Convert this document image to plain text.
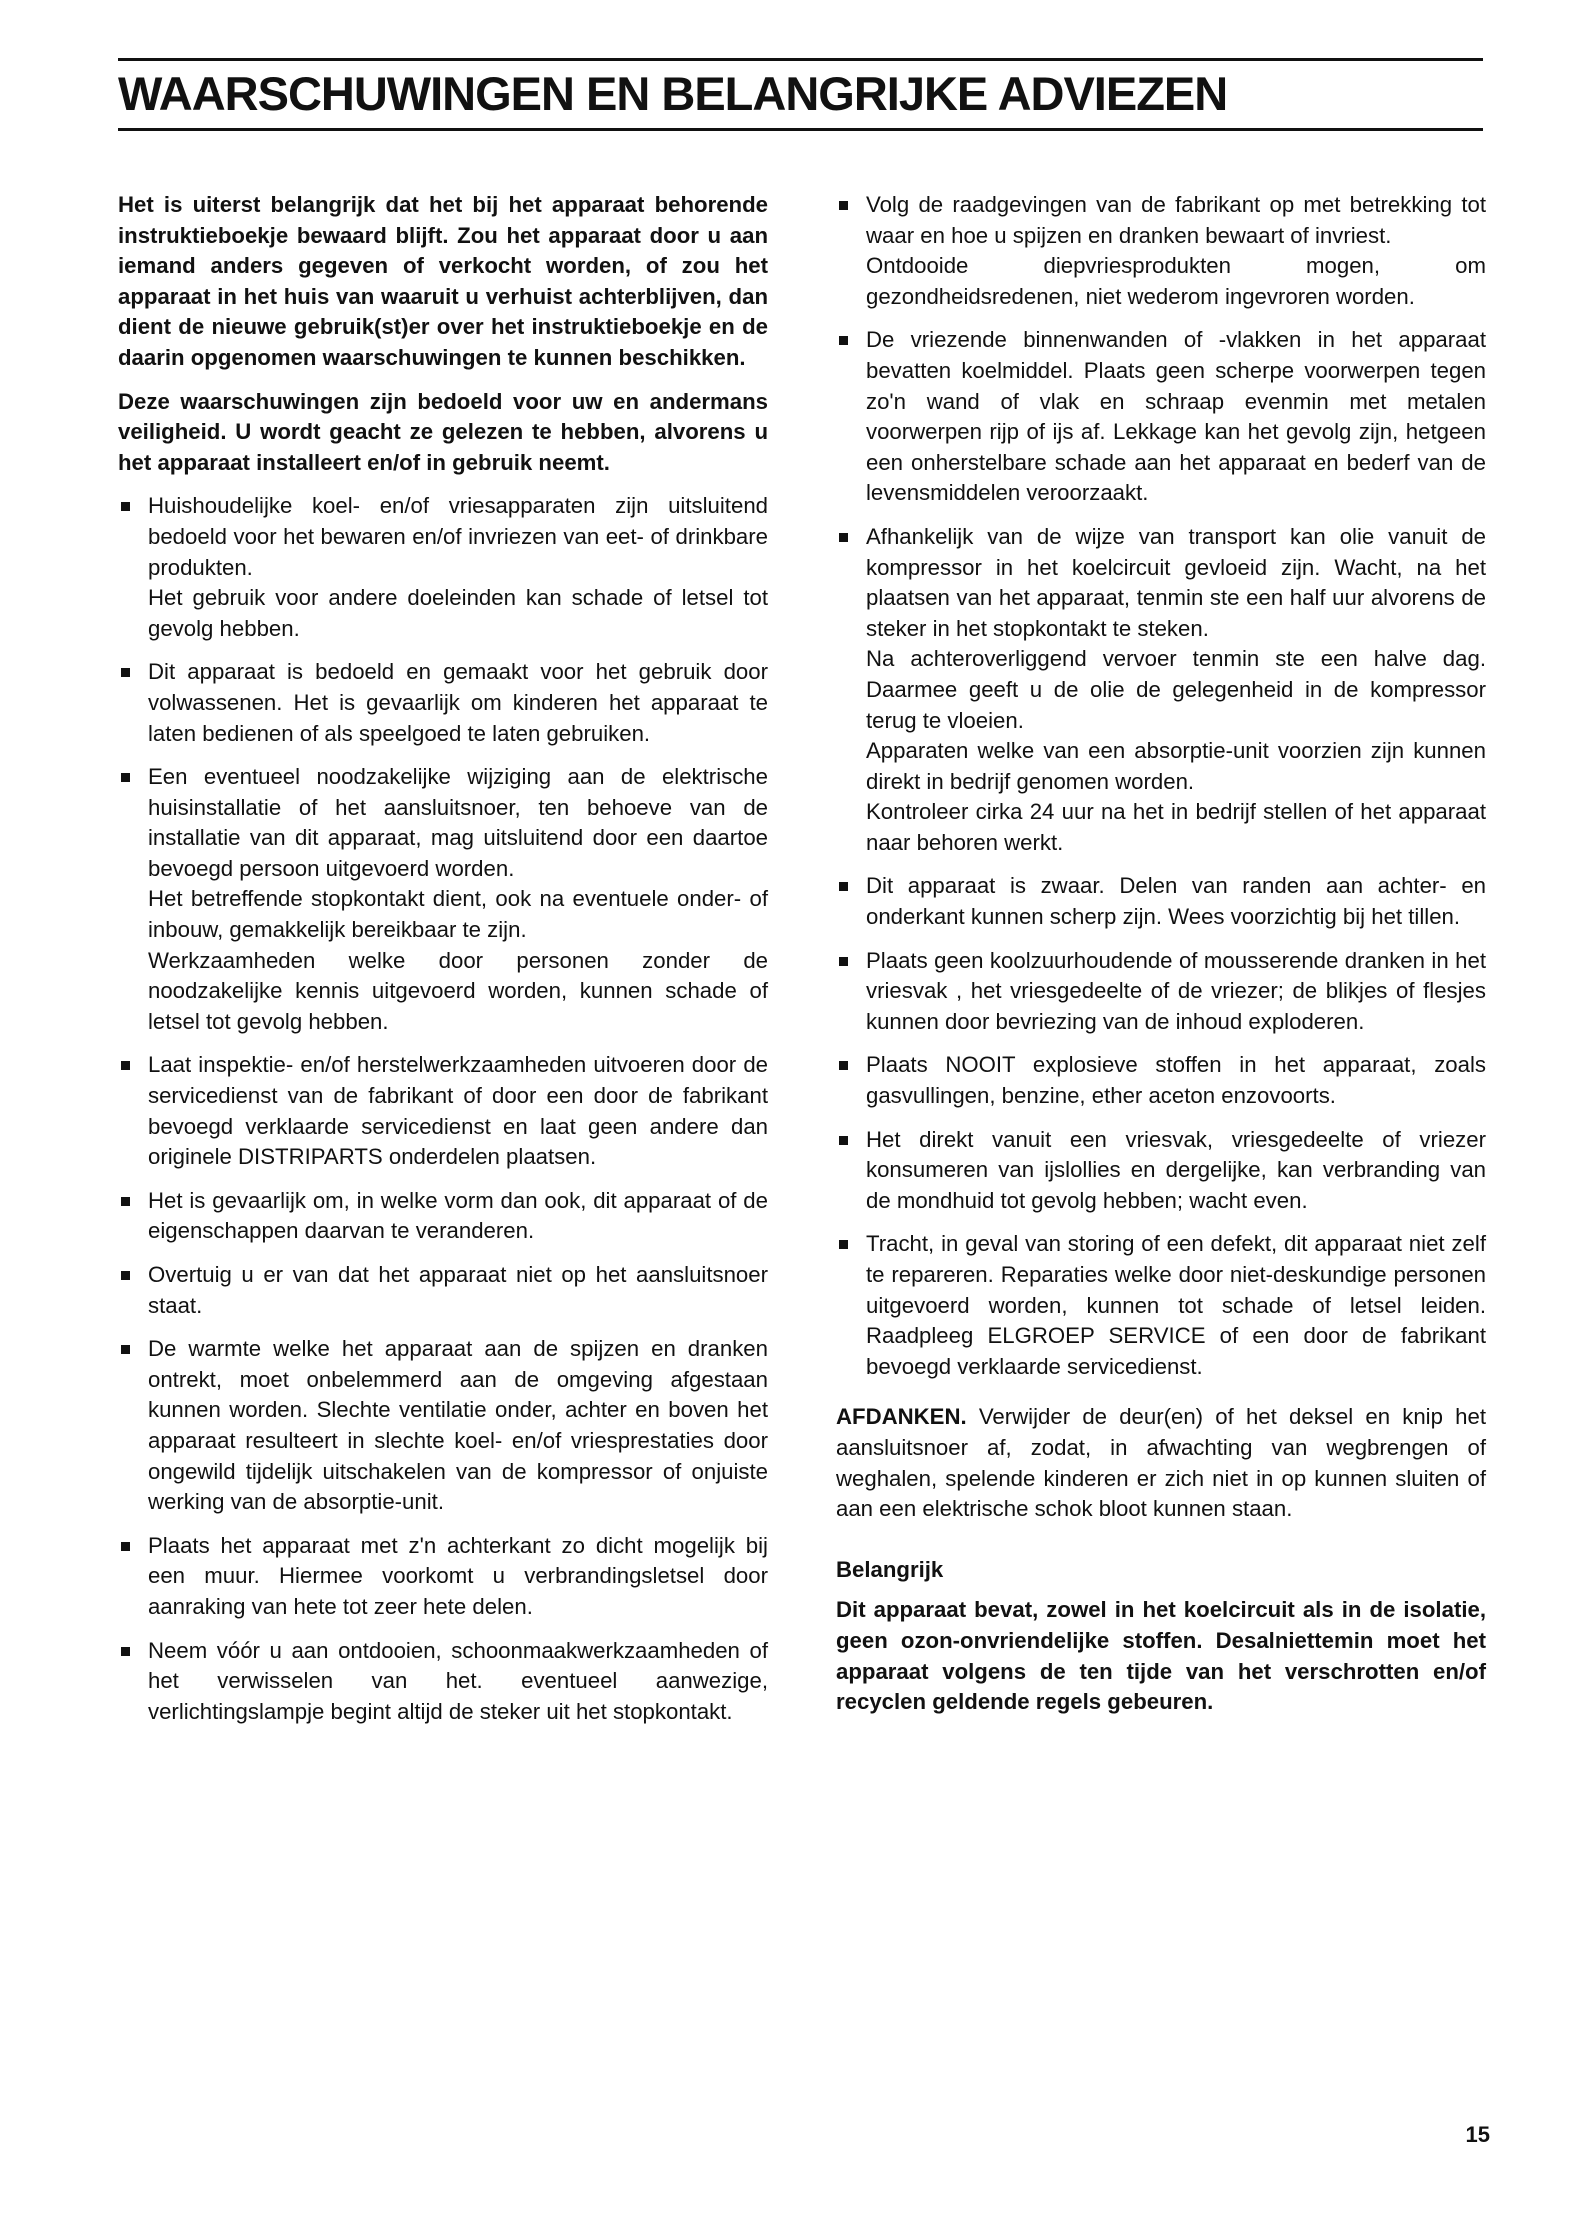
WAARSCHUWINGEN EN BELANGRIJKE ADVIEZEN

Het is uiterst belangrijk dat het bij het apparaat behorende instruktieboekje bewaard blijft. Zou het apparaat door u aan iemand anders gegeven of verkocht worden, of zou het apparaat in het huis van waaruit u verhuist achterblijven, dan dient de nieuwe gebruik(st)er over het instruktieboekje en de daarin opgenomen waarschuwingen te kunnen beschikken.

Deze waarschuwingen zijn bedoeld voor uw en andermans veiligheid. U wordt geacht ze gelezen te hebben, alvorens u het apparaat installeert en/of in gebruik neemt.

Huishoudelijke koel- en/of vriesapparaten zijn uitsluitend bedoeld voor het bewaren en/of invriezen van eet- of drinkbare produkten.
Het gebruik voor andere doeleinden kan schade of letsel tot gevolg hebben.
Dit apparaat is bedoeld en gemaakt voor het gebruik door volwassenen. Het is gevaarlijk om kinderen het apparaat te laten bedienen of als speelgoed te laten gebruiken.
Een eventueel noodzakelijke wijziging aan de elektrische huisinstallatie of het aansluitsnoer, ten behoeve van de installatie van dit apparaat, mag uitsluitend door een daartoe bevoegd persoon uitgevoerd worden.
Het betreffende stopkontakt dient, ook na eventuele onder- of inbouw, gemakkelijk bereikbaar te zijn.
Werkzaamheden welke door personen zonder de noodzakelijke kennis uitgevoerd worden, kunnen schade of letsel tot gevolg hebben.
Laat inspektie- en/of herstelwerkzaamheden uitvoeren door de servicedienst van de fabrikant of door een door de fabrikant bevoegd verklaarde servicedienst en laat geen andere dan originele DISTRIPARTS onderdelen plaatsen.
Het is gevaarlijk om, in welke vorm dan ook, dit apparaat of de eigenschappen daarvan te veranderen.
Overtuig u er van dat het apparaat niet op het aansluitsnoer staat.
De warmte welke het apparaat aan de spijzen en dranken ontrekt, moet onbelemmerd aan de omgeving afgestaan kunnen worden. Slechte ventilatie onder, achter en boven het apparaat resulteert in slechte koel- en/of vriesprestaties door ongewild tijdelijk uitschakelen van de kompressor of onjuiste werking van de absorptie-unit.
Plaats het apparaat met z'n achterkant zo dicht mogelijk bij een muur. Hiermee voorkomt u verbrandingsletsel door aanraking van hete tot zeer hete delen.
Neem vóór u aan ontdooien, schoonmaakwerkzaamheden of het verwisselen van het. eventueel aanwezige, verlichtingslampje begint altijd de steker uit het stopkontakt.
Volg de raadgevingen van de fabrikant op met betrekking tot waar en hoe u spijzen en dranken bewaart of invriest.
Ontdooide diepvriesprodukten mogen, om gezondheidsredenen, niet wederom ingevroren worden.
De vriezende binnenwanden of -vlakken in het apparaat bevatten koelmiddel. Plaats geen scherpe voorwerpen tegen zo'n wand of vlak en schraap evenmin met metalen voorwerpen rijp of ijs af. Lekkage kan het gevolg zijn, hetgeen een onherstelbare schade aan het apparaat en bederf van de levensmiddelen veroorzaakt.
Afhankelijk van de wijze van transport kan olie vanuit de kompressor in het koelcircuit gevloeid zijn. Wacht, na het plaatsen van het apparaat, tenmin ste een half uur alvorens de steker in het stopkontakt te steken.
Na achteroverliggend vervoer tenmin ste een halve dag. Daarmee geeft u de olie de gelegenheid in de kompressor terug te vloeien.
Apparaten welke van een absorptie-unit voorzien zijn kunnen direkt in bedrijf genomen worden.
Kontroleer cirka 24 uur na het in bedrijf stellen of het apparaat naar behoren werkt.
Dit apparaat is zwaar. Delen van randen aan achter- en onderkant kunnen scherp zijn. Wees voorzichtig bij het tillen.
Plaats geen koolzuurhoudende of mousserende dranken in het vriesvak , het vriesgedeelte of de vriezer; de blikjes of flesjes kunnen door bevriezing van de inhoud exploderen.
Plaats NOOIT explosieve stoffen in het apparaat, zoals gasvullingen, benzine, ether aceton enzovoorts.
Het direkt vanuit een vriesvak, vriesgedeelte of vriezer konsumeren van ijslollies en dergelijke, kan verbranding van de mondhuid tot gevolg hebben; wacht even.
Tracht, in geval van storing of een defekt, dit apparaat niet zelf te repareren. Reparaties welke door niet-deskundige personen uitgevoerd worden, kunnen tot schade of letsel leiden. Raadpleeg ELGROEP SERVICE of een door de fabrikant bevoegd verklaarde servicedienst.

AFDANKEN. Verwijder de deur(en) of het deksel en knip het aansluitsnoer af, zodat, in afwachting van wegbrengen of weghalen, spelende kinderen er zich niet in op kunnen sluiten of aan een elektrische schok bloot kunnen staan.

Belangrijk

Dit apparaat bevat, zowel in het koelcircuit als in de isolatie, geen ozon-onvriendelijke stoffen. Desalniettemin moet het apparaat volgens de ten tijde van het verschrotten en/of recyclen geldende regels gebeuren.

15
